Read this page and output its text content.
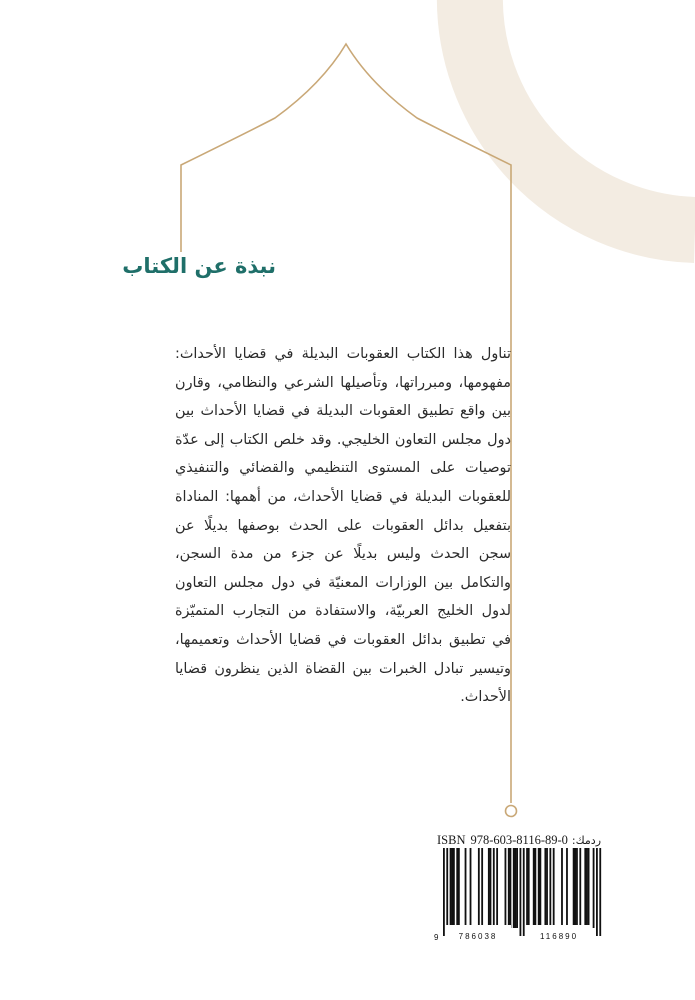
نبذة عن الكتاب

تناول هذا الكتاب العقوبات البديلة في قضايا الأحداث: مفهومها، ومبرراتها، وتأصيلها الشرعي والنظامي، وقارن بين واقع تطبيق العقوبات البديلة في قضايا الأحداث بين دول مجلس التعاون الخليجي. وقد خلص الكتاب إلى عدّة توصيات على المستوى التنظيمي والقضائي والتنفيذي للعقوبات البديلة في قضايا الأحداث، من أهمها: المناداة بتفعيل بدائل العقوبات على الحدث بوصفها بديلًا عن سجن الحدث وليس بديلًا عن جزء من مدة السجن، والتكامل بين الوزارات المعنيّة في دول مجلس التعاون لدول الخليج العربيّة، والاستفادة من التجارب المتميّزة في تطبيق بدائل العقوبات في قضايا الأحداث وتعميمها، وتيسير تبادل الخبرات بين القضاة الذين ينظرون قضايا الأحداث.

ISBN 978-603-8116-89-0 ردمك:
9	786038	116890
